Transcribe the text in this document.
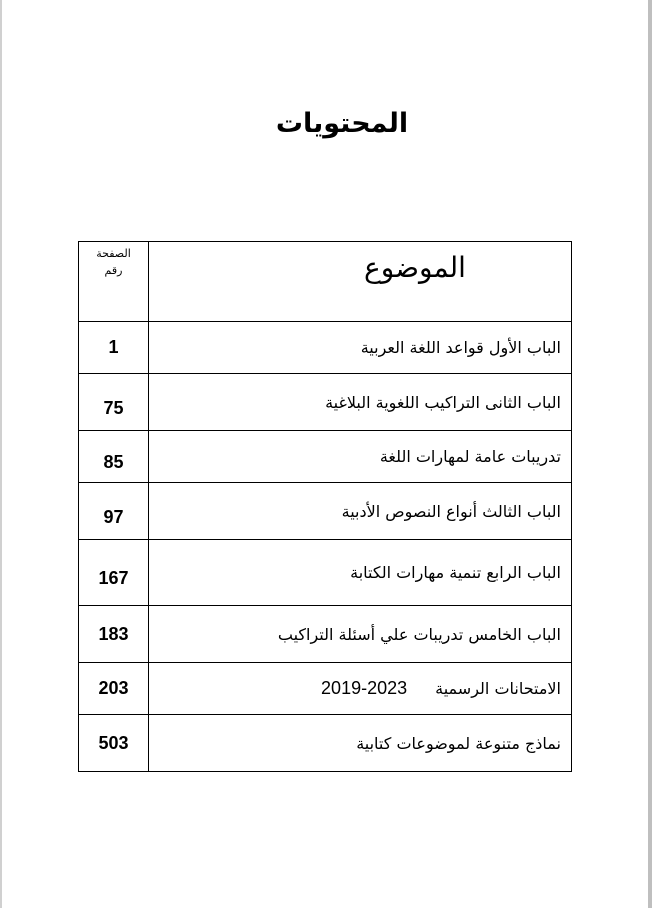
المحتويات
الصفحة
رقم	الموضوع

1	الباب الأول قواعد اللغة العربية
75	الباب الثانى التراكيب اللغوية البلاغية
85	تدريبات عامة لمهارات اللغة
97	الباب الثالث أنواع النصوص الأدبية
167	الباب الرابع تنمية مهارات الكتابة
183	الباب الخامس تدريبات علي أسئلة التراكيب
203	الامتحانات الرسمية2019-2023
503	نماذج متنوعة لموضوعات كتابية
